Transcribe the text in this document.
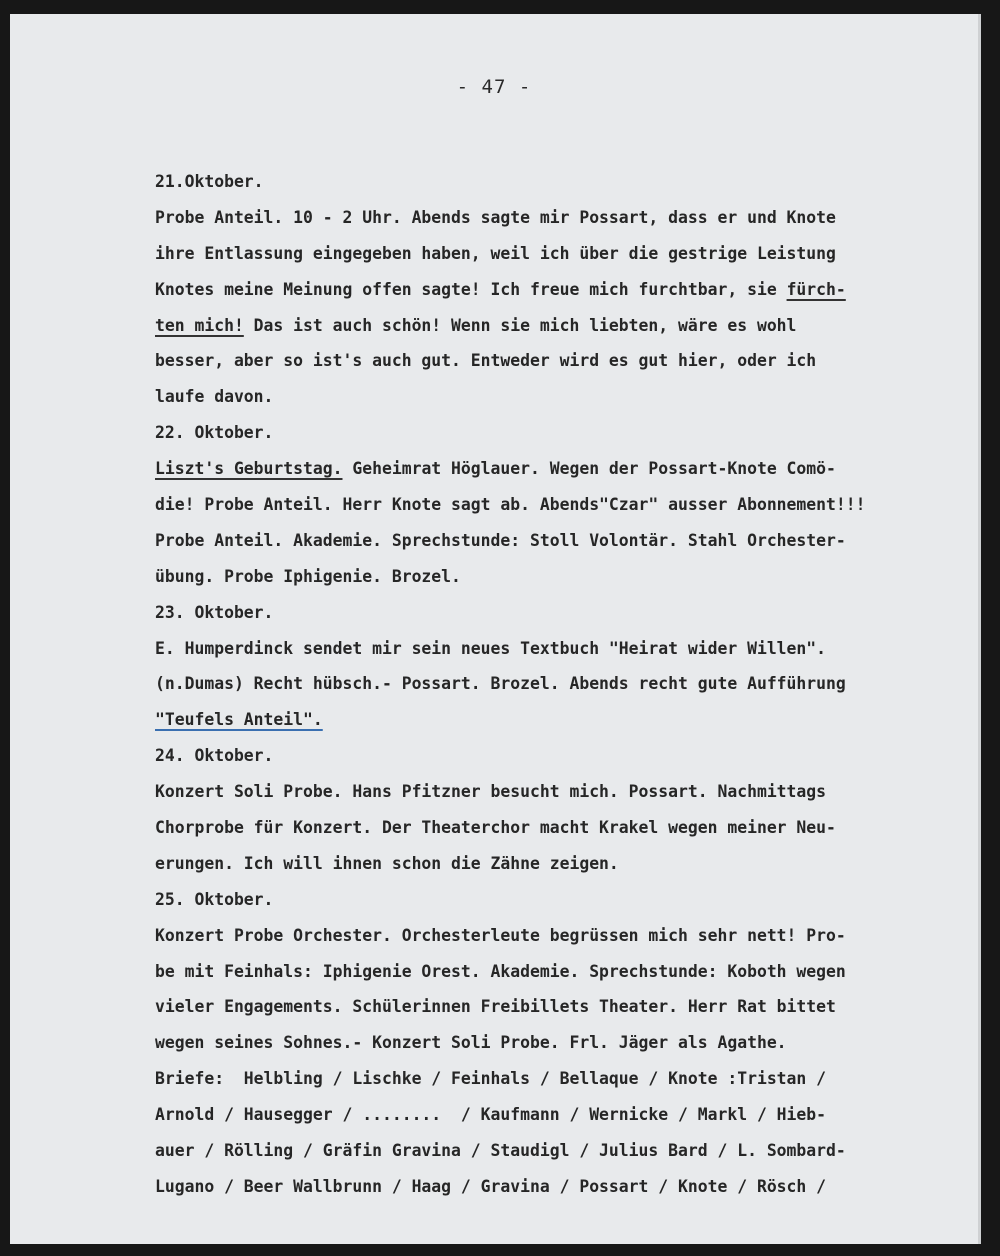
- 47 -
21.Oktober.
Probe Anteil. 10 - 2 Uhr. Abends sagte mir Possart, dass er und Knote
ihre Entlassung eingegeben haben, weil ich über die gestrige Leistung
Knotes meine Meinung offen sagte! Ich freue mich furchtbar, sie fürch-
ten mich! Das ist auch schön! Wenn sie mich liebten, wäre es wohl
besser, aber so ist's auch gut. Entweder wird es gut hier, oder ich
laufe davon.
22. Oktober.
Liszt's Geburtstag. Geheimrat Höglauer. Wegen der Possart-Knote Comö-
die! Probe Anteil. Herr Knote sagt ab. Abends"Czar" ausser Abonnement!!!
Probe Anteil. Akademie. Sprechstunde: Stoll Volontär. Stahl Orchester-
übung. Probe Iphigenie. Brozel.
23. Oktober.
E. Humperdinck sendet mir sein neues Textbuch "Heirat wider Willen".
(n.Dumas) Recht hübsch.- Possart. Brozel. Abends recht gute Aufführung
"Teufels Anteil".
24. Oktober.
Konzert Soli Probe. Hans Pfitzner besucht mich. Possart. Nachmittags
Chorprobe für Konzert. Der Theaterchor macht Krakel wegen meiner Neu-
erungen. Ich will ihnen schon die Zähne zeigen.
25. Oktober.
Konzert Probe Orchester. Orchesterleute begrüssen mich sehr nett! Pro-
be mit Feinhals: Iphigenie Orest. Akademie. Sprechstunde: Koboth wegen
vieler Engagements. Schülerinnen Freibillets Theater. Herr Rat bittet
wegen seines Sohnes.- Konzert Soli Probe. Frl. Jäger als Agathe.
Briefe:  Helbling / Lischke / Feinhals / Bellaque / Knote :Tristan /
Arnold / Hausegger / ........  / Kaufmann / Wernicke / Markl / Hieb-
auer / Rölling / Gräfin Gravina / Staudigl / Julius Bard / L. Sombard-
Lugano / Beer Wallbrunn / Haag / Gravina / Possart / Knote / Rösch /
